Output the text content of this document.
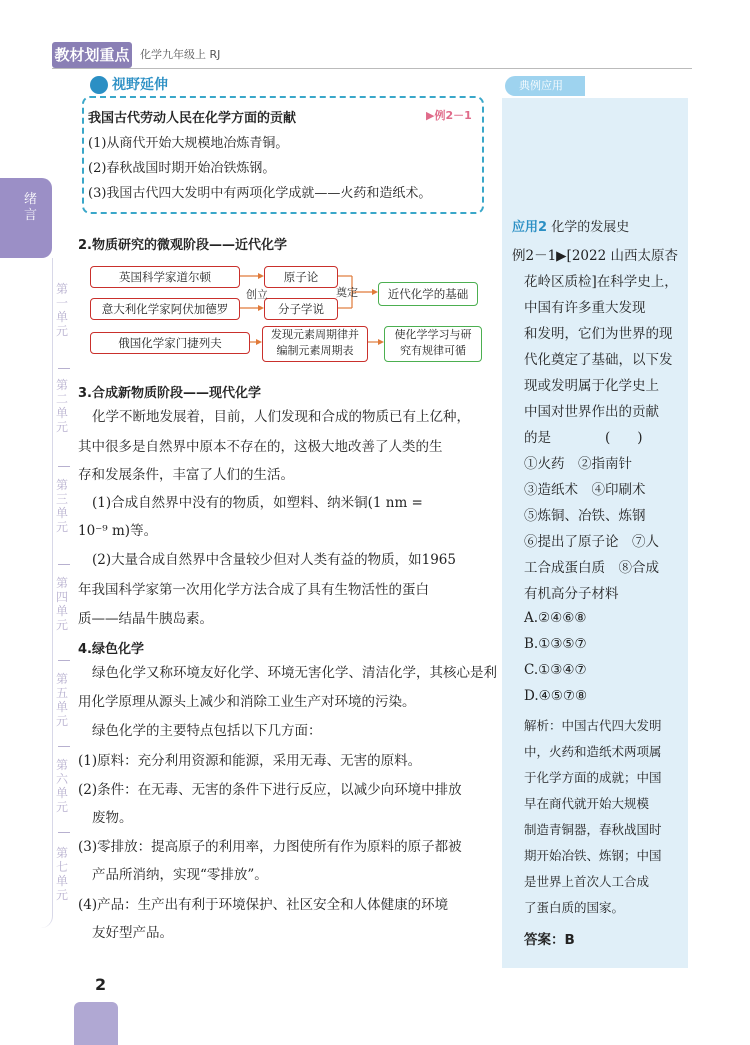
教材划重点 化学九年级上 RJ
绪言
第一单元
第二单元
第三单元
第四单元
第五单元
第六单元
第七单元
视野延伸
我国古代劳动人民在化学方面的贡献	▶例2－1
(1)从商代开始大规模地冶炼青铜。
(2)春秋战国时期开始冶铁炼钢。
(3)我国古代四大发明中有两项化学成就——火药和造纸术。
2.物质研究的微观阶段——近代化学
英国科学家道尔顿
意大利化学家阿伏加德罗
俄国化学家门捷列夫
原子论
分子学说
创立	奠定	近代化学的基础
发现元素周期律并
编制元素周期表
使化学学习与研
究有规律可循
3.合成新物质阶段——现代化学
化学不断地发展着，目前，人们发现和合成的物质已有上亿种，
其中很多是自然界中原本不存在的，这极大地改善了人类的生
存和发展条件，丰富了人们的生活。
(1)合成自然界中没有的物质，如塑料、纳米铜(1 nm =
10⁻⁹ m)等。
(2)大量合成自然界中含量较少但对人类有益的物质，如1965
年我国科学家第一次用化学方法合成了具有生物活性的蛋白
质——结晶牛胰岛素。
4.绿色化学
绿色化学又称环境友好化学、环境无害化学、清洁化学，其核心是利
用化学原理从源头上减少和消除工业生产对环境的污染。
绿色化学的主要特点包括以下几方面：
(1)原料：充分利用资源和能源，采用无毒、无害的原料。
(2)条件：在无毒、无害的条件下进行反应，以减少向环境中排放
废物。
(3)零排放：提高原子的利用率，力图使所有作为原料的原子都被
产品所消纳，实现“零排放”。
(4)产品：生产出有利于环境保护、社区安全和人体健康的环境
友好型产品。
典例应用
应用2 化学的发展史
例2－1▶[2022 山西太原杏
花岭区质检]在科学史上，
中国有许多重大发现
和发明，它们为世界的现
代化奠定了基础，以下发
现或发明属于化学史上
中国对世界作出的贡献
的是　　　　(　　)
①火药　②指南针
③造纸术　④印刷术
⑤炼铜、冶铁、炼钢
⑥提出了原子论　⑦人
工合成蛋白质　⑧合成
有机高分子材料
A.②④⑥⑧
B.①③⑤⑦
C.①③④⑦
D.④⑤⑦⑧
解析：中国古代四大发明
中，火药和造纸术两项属
于化学方面的成就；中国
早在商代就开始大规模
制造青铜器，春秋战国时
期开始冶铁、炼钢；中国
是世界上首次人工合成
了蛋白质的国家。
答案：B
2
